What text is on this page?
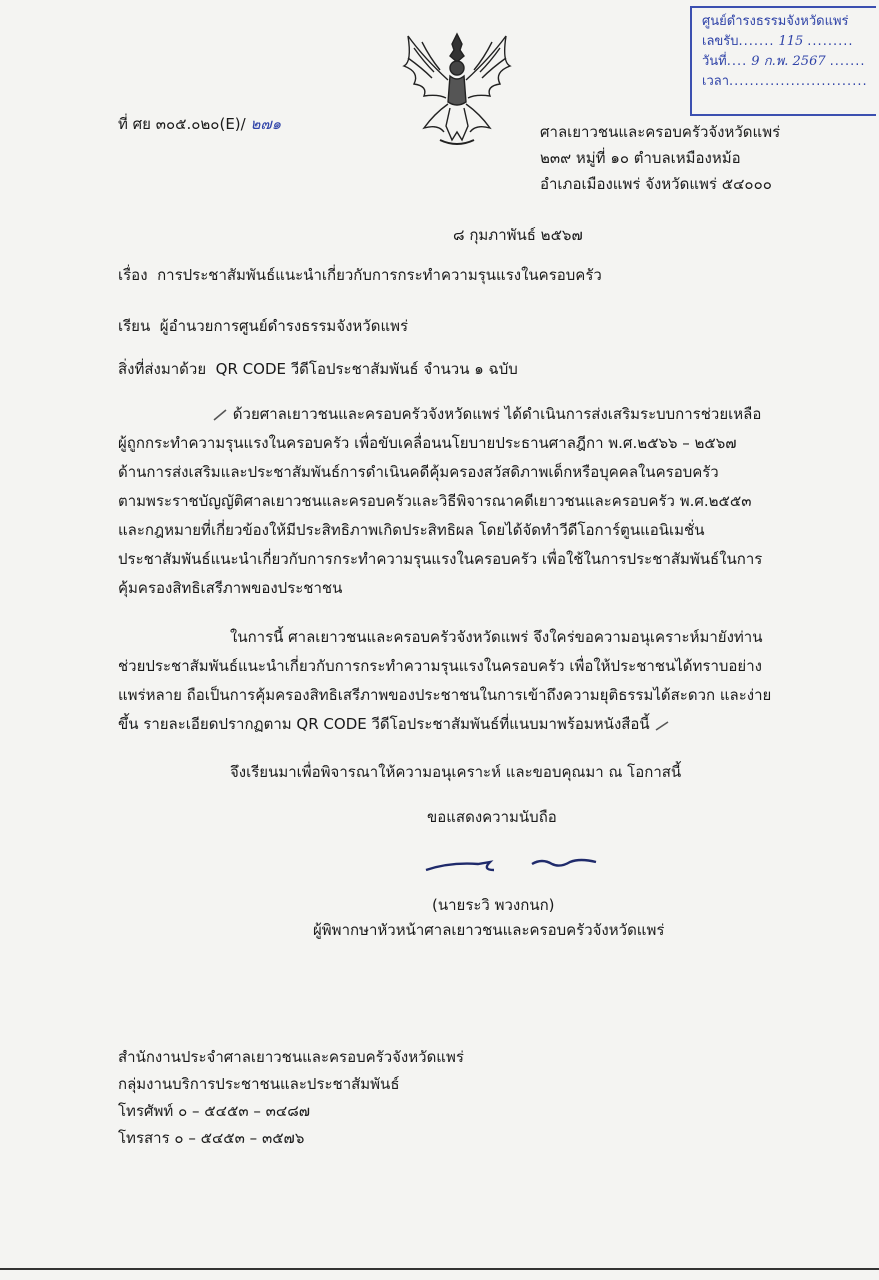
ศูนย์ดำรงธรรมจังหวัดแพร่
เลขรับ....... 115 .........
วันที่.... 9 ก.พ. 2567 .......
เวลา...........................
ที่ ศย ๓๐๕.๐๒๐(E)/ ๒๗๑	ศาลเยาวชนและครอบครัวจังหวัดแพร่
๒๓๙ หมู่ที่ ๑๐ ตำบลเหมืองหม้อ
อำเภอเมืองแพร่ จังหวัดแพร่ ๕๔๐๐๐
๘ กุมภาพันธ์ ๒๕๖๗
เรื่อง การประชาสัมพันธ์แนะนำเกี่ยวกับการกระทำความรุนแรงในครอบครัว
เรียน ผู้อำนวยการศูนย์ดำรงธรรมจังหวัดแพร่
สิ่งที่ส่งมาด้วย QR CODE วีดีโอประชาสัมพันธ์ จำนวน ๑ ฉบับ
ด้วยศาลเยาวชนและครอบครัวจังหวัดแพร่ ได้ดำเนินการส่งเสริมระบบการช่วยเหลือ
ผู้ถูกกระทำความรุนแรงในครอบครัว เพื่อขับเคลื่อนนโยบายประธานศาลฎีกา พ.ศ.๒๕๖๖ – ๒๕๖๗
ด้านการส่งเสริมและประชาสัมพันธ์การดำเนินคดีคุ้มครองสวัสดิภาพเด็กหรือบุคคลในครอบครัว
ตามพระราชบัญญัติศาลเยาวชนและครอบครัวและวิธีพิจารณาคดีเยาวชนและครอบครัว พ.ศ.๒๕๕๓
และกฎหมายที่เกี่ยวข้องให้มีประสิทธิภาพเกิดประสิทธิผล โดยได้จัดทำวีดีโอการ์ตูนแอนิเมชั่น
ประชาสัมพันธ์แนะนำเกี่ยวกับการกระทำความรุนแรงในครอบครัว เพื่อใช้ในการประชาสัมพันธ์ในการ
คุ้มครองสิทธิเสรีภาพของประชาชน
ในการนี้ ศาลเยาวชนและครอบครัวจังหวัดแพร่ จึงใคร่ขอความอนุเคราะห์มายังท่าน
ช่วยประชาสัมพันธ์แนะนำเกี่ยวกับการกระทำความรุนแรงในครอบครัว เพื่อให้ประชาชนได้ทราบอย่าง
แพร่หลาย ถือเป็นการคุ้มครองสิทธิเสรีภาพของประชาชนในการเข้าถึงความยุติธรรมได้สะดวก และง่าย
ขึ้น รายละเอียดปรากฏตาม QR CODE วีดีโอประชาสัมพันธ์ที่แนบมาพร้อมหนังสือนี้
จึงเรียนมาเพื่อพิจารณาให้ความอนุเคราะห์ และขอบคุณมา ณ โอกาสนี้
ขอแสดงความนับถือ
(นายระวิ พวงกนก)
ผู้พิพากษาหัวหน้าศาลเยาวชนและครอบครัวจังหวัดแพร่
สำนักงานประจำศาลเยาวชนและครอบครัวจังหวัดแพร่
กลุ่มงานบริการประชาชนและประชาสัมพันธ์
โทรศัพท์ ๐ – ๕๔๕๓ – ๓๔๘๗
โทรสาร ๐ – ๕๔๕๓ – ๓๕๗๖
